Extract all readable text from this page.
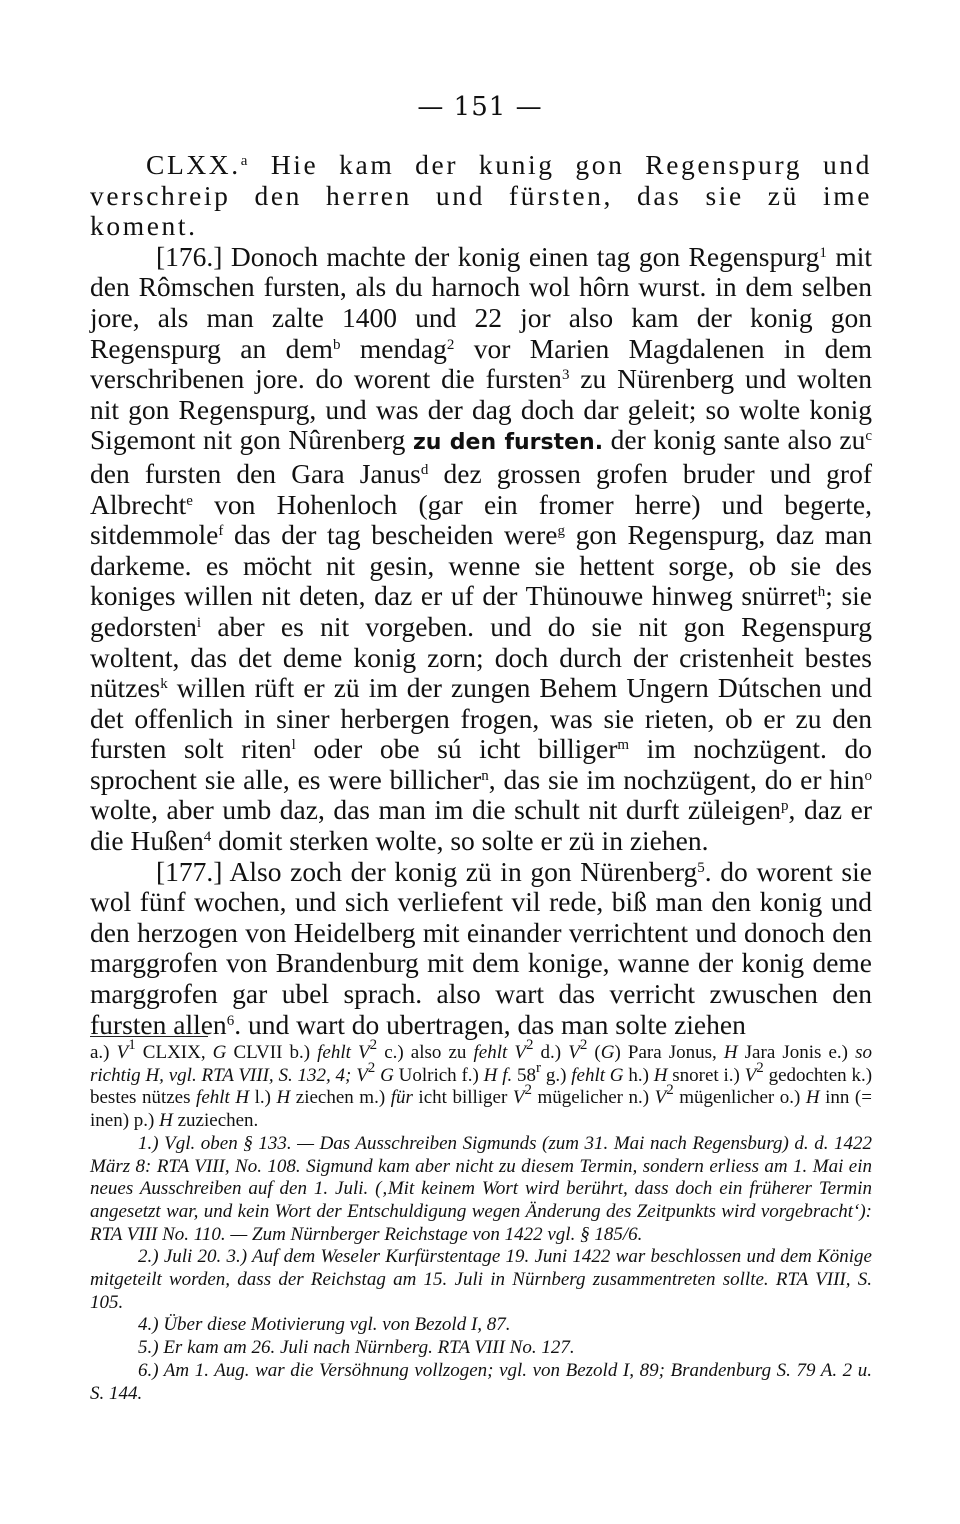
— 151 —

CLXX.$^a$ Hie kam der kunig gon Regenspurg und verschreip den herren und fürsten, das sie zü ime koment.

[176.] Donoch machte der konig einen tag gon Regenspurg$^1$ mit den Rômschen fursten, als du harnoch wol hôrn wurst. in dem selben jore, als man zalte 1400 und 22 jor also kam der konig gon Regenspurg an dem$^b$ mendag$^2$ vor Marien Magdalenen in dem verschribenen jore. do worent die fursten$^3$ zu Nürenberg und wolten nit gon Regenspurg, und was der dag doch dar geleit; so wolte konig Sigemont nit gon Nûrenberg zu den fursten. der konig sante also $zu^c$ den fursten den Gara Janus$^d$ dez grossen grofen bruder und grof Albrecht$^e$ von Hohenloch (gar ein fromer herre) und begerte, sitdemmole$^f$ das der tag bescheiden were$^g$ gon Regenspurg, daz man darkeme. es möcht nit gesin, wenne sie hettent sorge, ob sie des koniges willen nit deten, daz er uf der Thünouwe hinweg snürret$^h$; sie gedorsten$^i$ aber es nit vorgeben. und do sie nit gon Regenspurg woltent, das det deme konig zorn; doch durch der cristenheit bestes nützes$^k$ willen rüft er zü im der zungen Behem Ungern Dútschen und det offenlich in siner herbergen frogen, was sie rieten, ob er zu den fursten solt riten$^l$ oder obe sú icht billiger$^m$ im nochzügent. do sprochent sie alle, es were billicher$^n$, das sie im nochzügent, do er hin$^o$ wolte, aber umb daz, das man im die schult nit durft züleigen$^p$, daz er die Hußen$^4$ domit sterken wolte, so solte er zü in ziehen.

[177.] Also zoch der konig zü in gon Nürenberg$^5$. do worent sie wol fünf wochen, und sich verliefent vil rede, biß man den konig und den herzogen von Heidelberg mit einander verrichtent und donoch den marggrofen von Brandenburg mit dem konige, wanne der konig deme marggrofen gar ubel sprach. also wart das verricht zwuschen den fursten allen$^6$. und wart do ubertragen, das man solte ziehen

a.) $V^1$ CLXIX, G CLVII b.) fehlt $V^2$ c.) also zu fehlt $V^2$ d.) $V^2$ (G) Para Jonus, H Jara Jonis e.) so richtig H, vgl. RTA VIII, S. 132, 4; $V^2$ G Uolrich f.) H f. 58$^r$ g.) fehlt G h.) H snoret i.) $V^2$ gedochten k.) bestes nützes fehlt H l.) H ziechen m.) für icht billiger $V^2$ mügelicher n.) $V^2$ mügenlicher o.) H inn (= inen) p.) H zuziechen.

1.) Vgl. oben § 133. — Das Ausschreiben Sigmunds (zum 31. Mai nach Regensburg) d. d. 1422 März 8: RTA VIII, No. 108. Sigmund kam aber nicht zu diesem Termin, sondern erliess am 1. Mai ein neues Ausschreiben auf den 1. Juli. (‚Mit keinem Wort wird berührt, dass doch ein früherer Termin angesetzt war, und kein Wort der Entschuldigung wegen Änderung des Zeitpunkts wird vorgebracht‘): RTA VIII No. 110. — Zum Nürnberger Reichstage von 1422 vgl. § 185/6.

2.) Juli 20. 3.) Auf dem Weseler Kurfürstentage 19. Juni 1422 war beschlossen und dem Könige mitgeteilt worden, dass der Reichstag am 15. Juli in Nürnberg zusammentreten sollte. RTA VIII, S. 105.

4.) Über diese Motivierung vgl. von Bezold I, 87.

5.) Er kam am 26. Juli nach Nürnberg. RTA VIII No. 127.

6.) Am 1. Aug. war die Versöhnung vollzogen; vgl. von Bezold I, 89; Brandenburg S. 79 A. 2 u. S. 144.
